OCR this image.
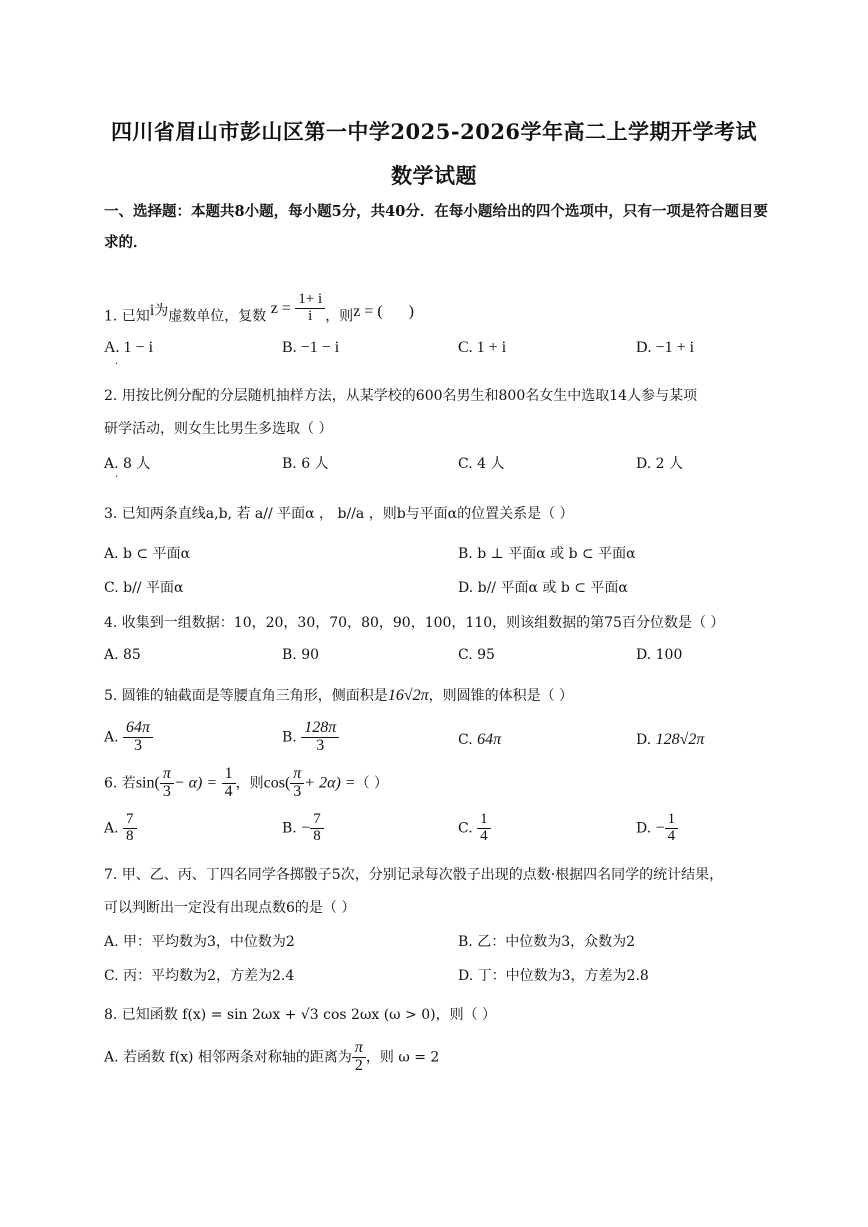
四川省眉山市彭山区第一中学2025-2026学年高二上学期开学考试
数学试题
一、选择题：本题共8小题，每小题5分，共40分．在每小题给出的四个选项中，只有一项是符合题目要求的．
1. 已知i为虚数单位，复数 $z = \frac{1+ i}{i}$ ，则z = ( )
A. 1 − i
.
B. −1 − i	C. 1 + i	D. −1 + i
2. 用按比例分配的分层随机抽样方法，从某学校的600名男生和800名女生中选取14人参与某项
研学活动，则女生比男生多选取（ ）
A. 8 人
.
B. 6 人	C. 4 人	D. 2 人
3. 已知两条直线a,b, 若 a// 平面α ， b//a ，则b与平面α的位置关系是（ ）
A. b ⊂ 平面α	B. b ⊥ 平面α 或 b ⊂ 平面α
C. b// 平面α	D. b// 平面α 或 b ⊂ 平面α
4. 收集到一组数据：10，20，30，70，80，90，100，110，则该组数据的第75百分位数是（ ）
A. 85	B. 90	C. 95	D. 100
5. 圆锥的轴截面是等腰直角三角形，侧面积是16√2π，则圆锥的体积是（ ）
A. $\frac{64\pi}{3}$	B. $\frac{128\pi}{3}$	C. 64π	D. 128√2π
6. 若$\sin( \frac{\pi}{3} - \alpha) = \frac{1}{4}$ ，则$\cos( \frac{\pi}{3} + 2\alpha)$ =（ ）
A. $\frac{7}{8}$	B. − $\frac{7}{8}$	C. $\frac{1}{4}$	D. − $\frac{1}{4}$
7. 甲、乙、丙、丁四名同学各掷骰子5次，分别记录每次骰子出现的点数·根据四名同学的统计结果，
可以判断出一定没有出现点数6的是（ ）
A. 甲：平均数为3，中位数为2	B. 乙：中位数为3，众数为2
C. 丙：平均数为2，方差为2.4	D. 丁：中位数为3，方差为2.8
8. 已知函数 f(x) = sin 2ωx + √3 cos 2ωx (ω > 0)，则（ ）
A. 若函数 f(x) 相邻两条对称轴的距离为 $\frac{\pi}{2}$ ，则 ω = 2
